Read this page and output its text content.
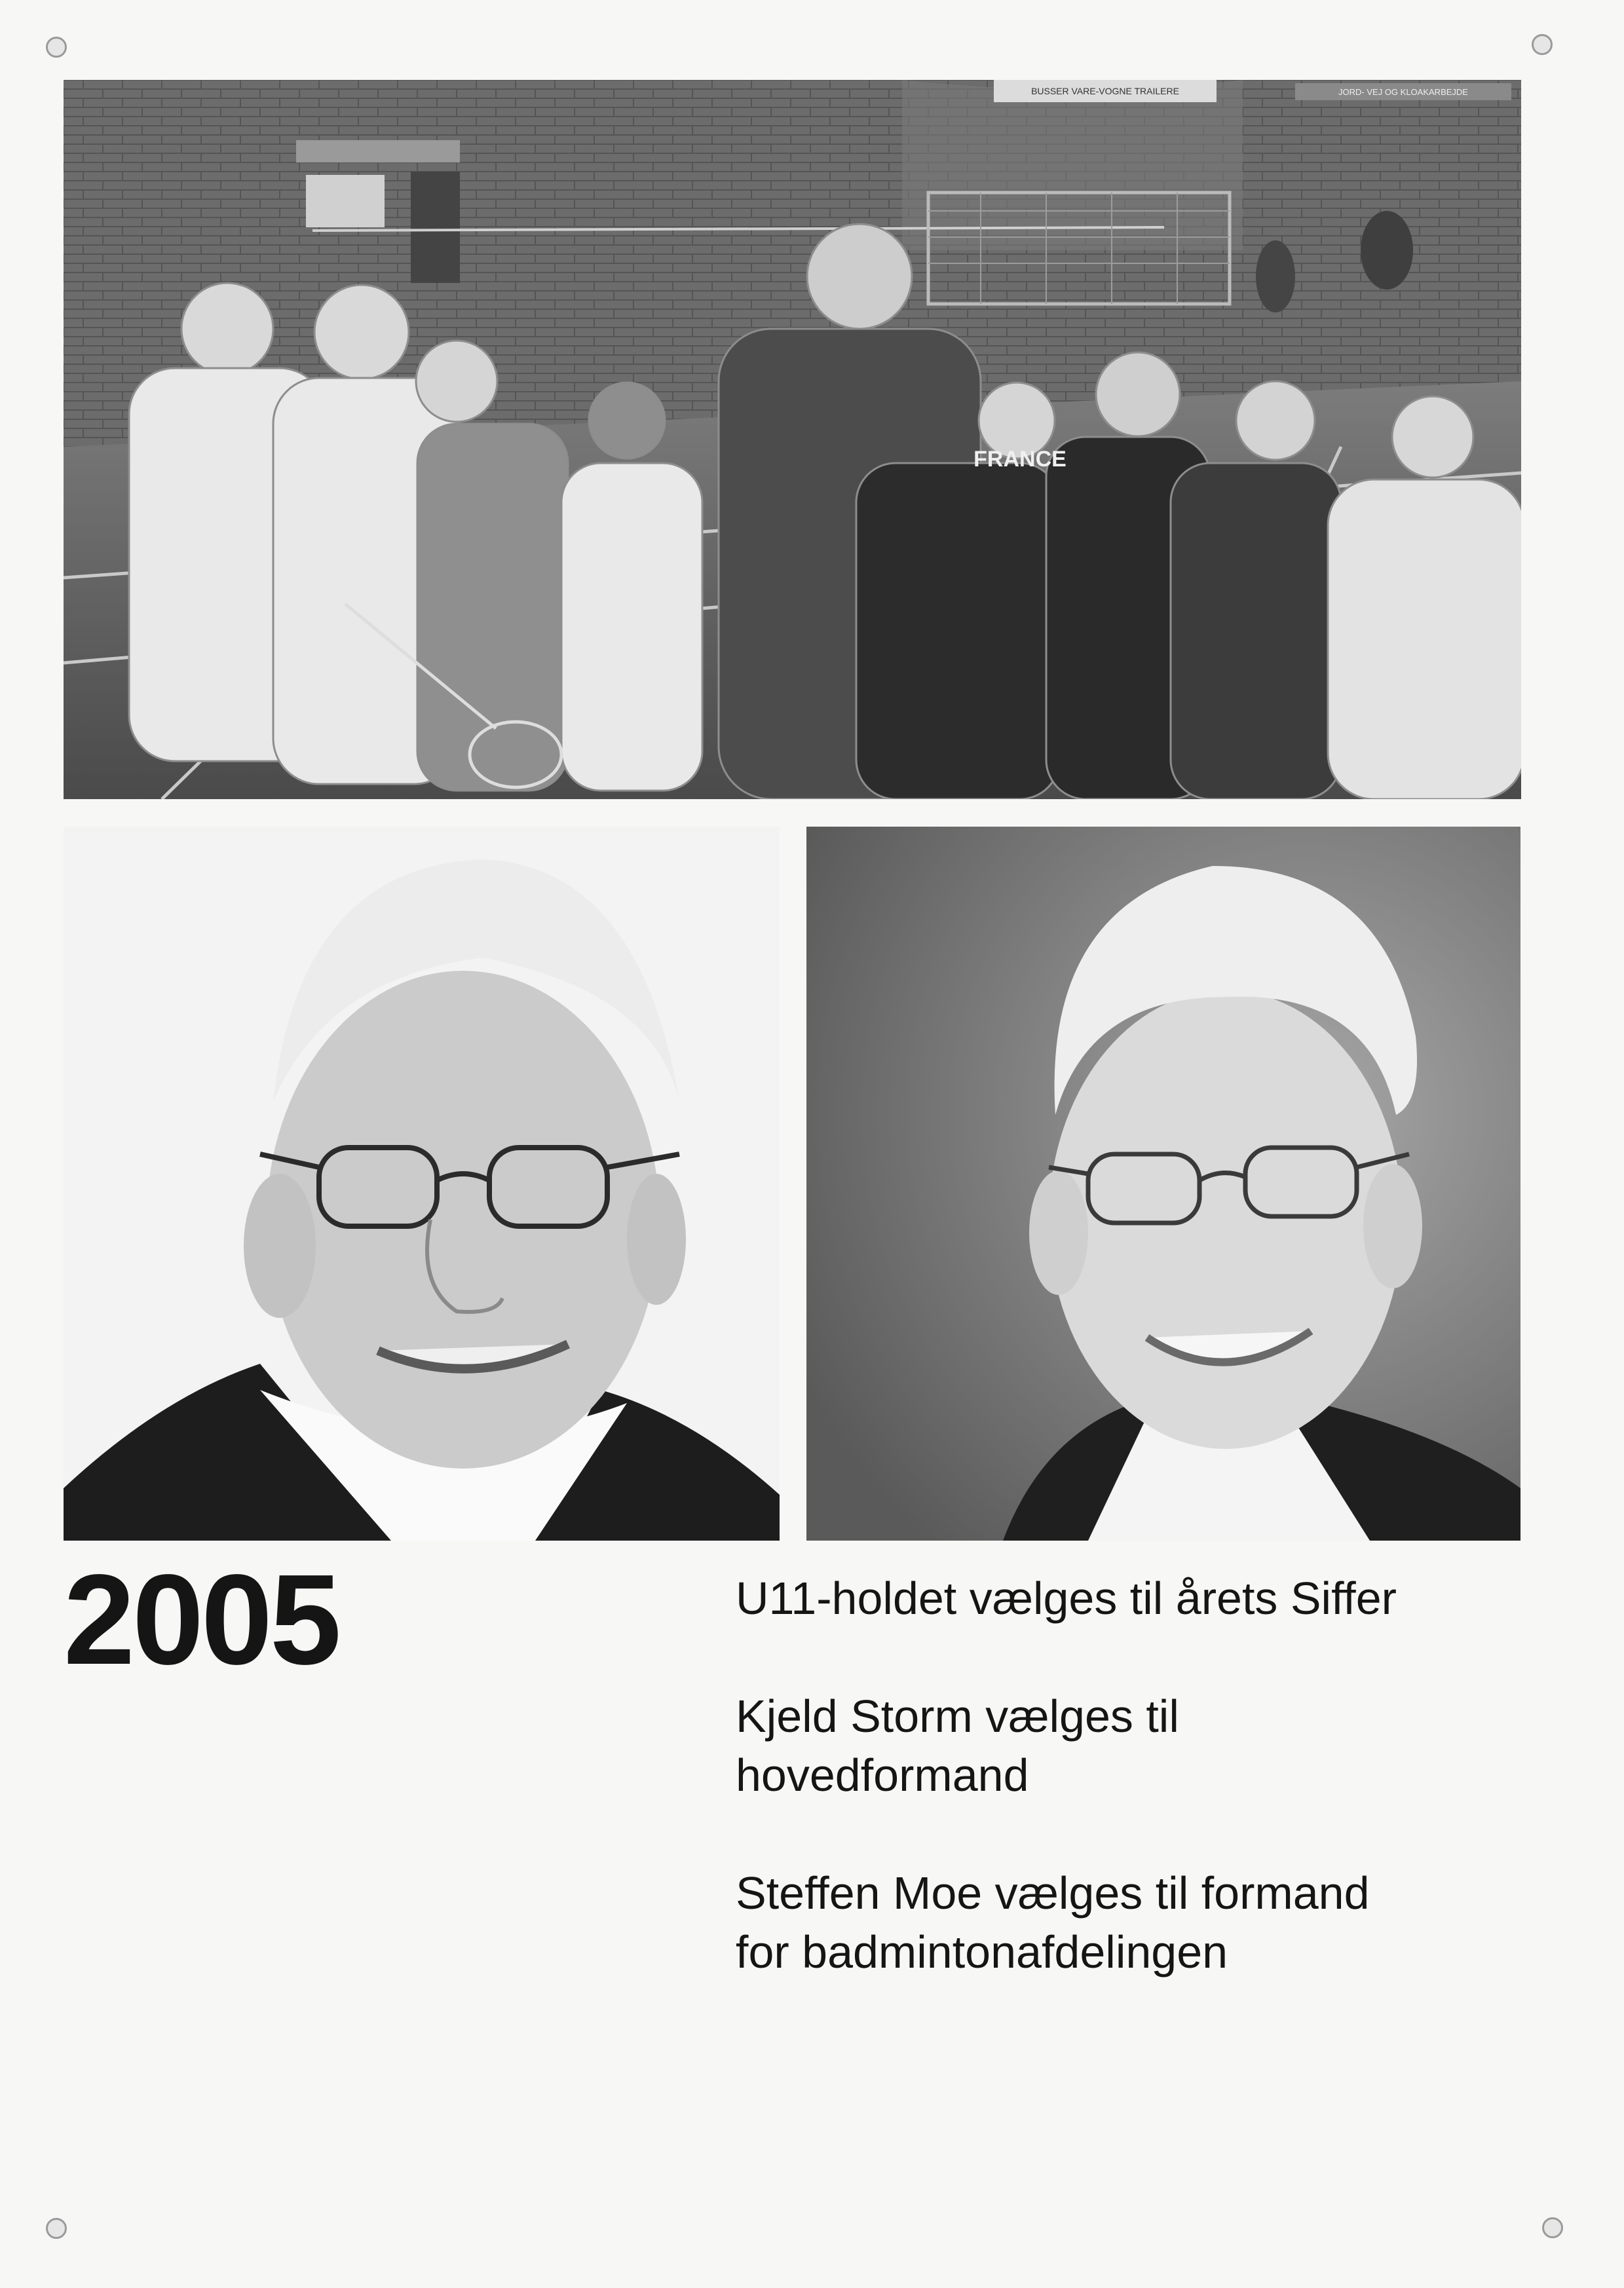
BUSSER VARE-VOGNE TRAILERE	JORD- VEJ OG KLOAKARBEJDE
FRANCE
2005	U11-holdet vælges til årets Siffer
Kjeld Storm vælges til
hovedformand
Steffen Moe vælges til formand
for badmintonafdelingen
